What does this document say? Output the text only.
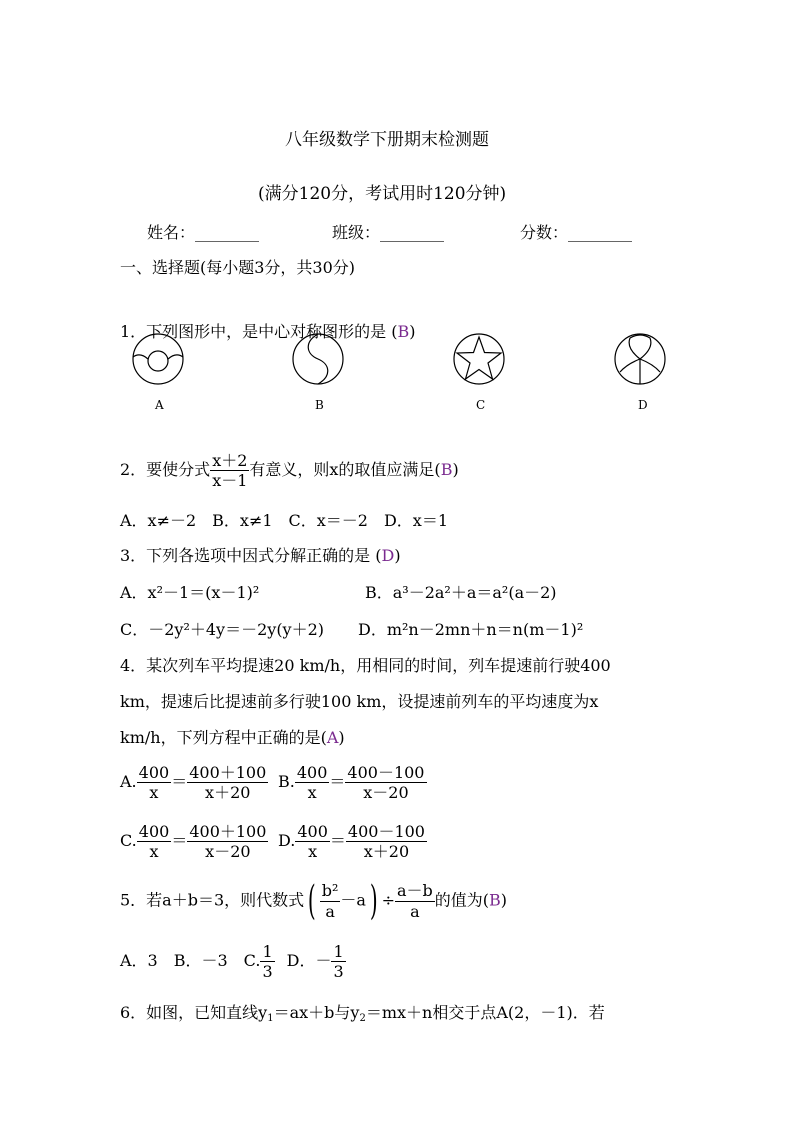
八年级数学下册期末检测题
(满分120分，考试用时120分钟)
姓名：________	班级：________	分数：________
一、选择题(每小题3分，共30分)
1．下列图形中，是中心对称图形的是 (B)
A	B	C	D
2．要使分式 $\frac{x+2}{x-1}$ 有意义，则x的取值应满足(B)
A．x≠－2　B．x≠1　C．x＝－2　D．x＝1
3．下列各选项中因式分解正确的是 (D)
A．x²－1＝(x－1)²	B．a³－2a²＋a＝a²(a－2)
C．－2y²＋4y＝－2y(y＋2) D．m²n－2mn＋n＝n(m－1)²
4．某次列车平均提速20 km/h，用相同的时间，列车提速前行驶400
km，提速后比提速前多行驶100 km，设提速前列车的平均速度为x
km/h，下列方程中正确的是(A)
A. $\frac{400}{x} = \frac{400+100}{x+20} B$. $\frac{400}{x} = \frac{400-100}{x-20}$
C. $\frac{400}{x} = \frac{400+100}{x-20} D$. $\frac{400}{x} = \frac{400-100}{x+20}$
5．若a＋b＝3，则代数式( $\frac{\text{b²}}{a} -a) \div \frac{a-b}{a}$ 的值为(B)
A．3　B．－3　C. $\frac{1}{3}$ D．－ $\frac{1}{3}$
6．如图，已知直线$y_1=ax+b$与$y_2=mx+n$相交于点A(2，－1)．若
